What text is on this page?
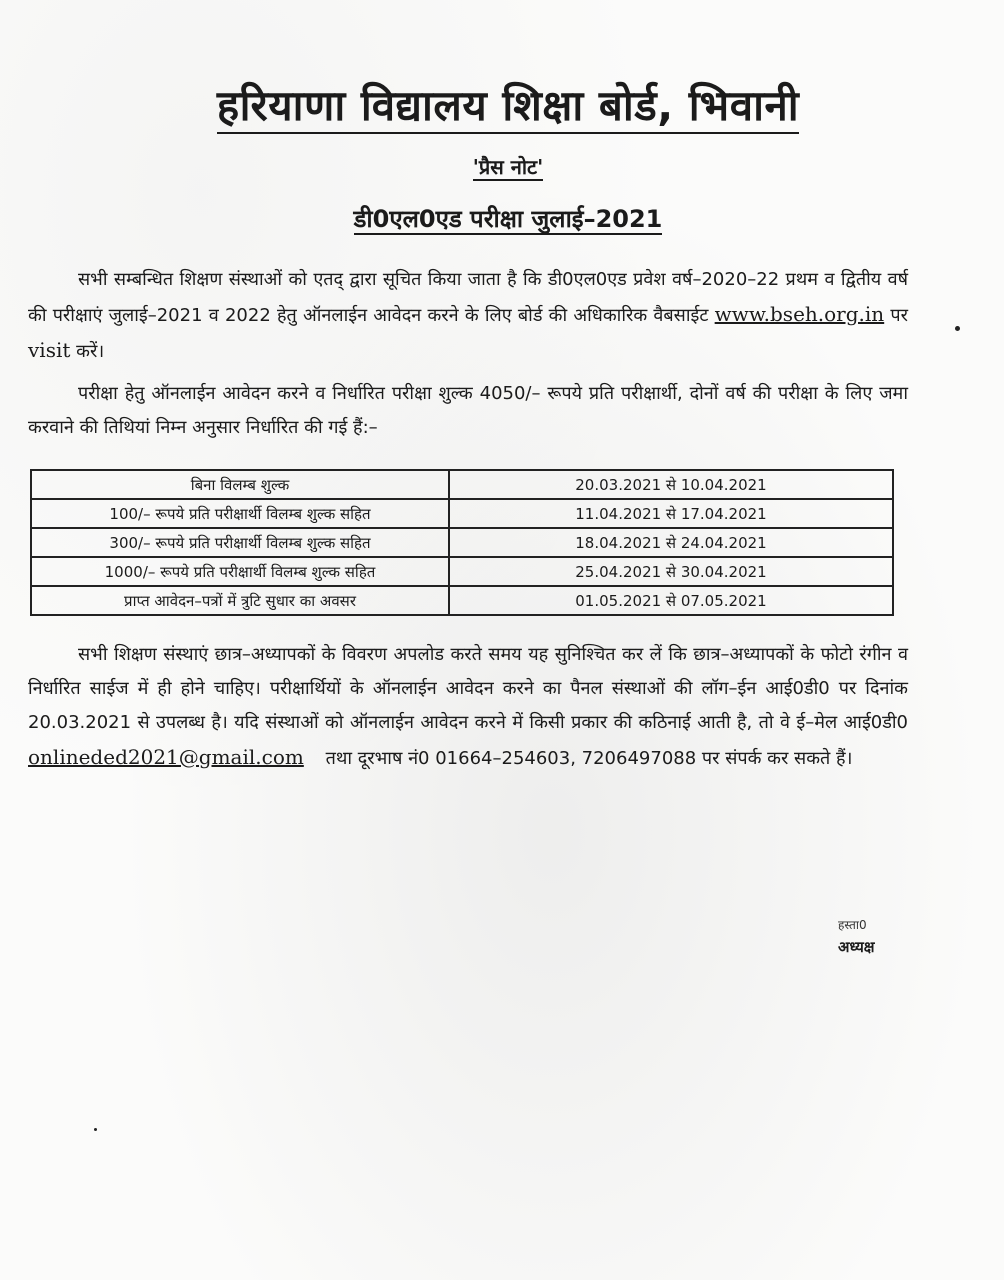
हरियाणा विद्यालय शिक्षा बोर्ड, भिवानी
'प्रैस नोट'
डी0एल0एड परीक्षा जुलाई–2021

सभी सम्बन्धित शिक्षण संस्थाओं को एतद् द्वारा सूचित किया जाता है कि डी0एल0एड प्रवेश वर्ष–2020–22 प्रथम व द्वितीय वर्ष की परीक्षाएं जुलाई–2021 व 2022 हेतु ऑनलाईन आवेदन करने के लिए बोर्ड की अधिकारिक वैबसाईट www.bseh.org.in पर visit करें।

परीक्षा हेतु ऑनलाईन आवेदन करने व निर्धारित परीक्षा शुल्क 4050/– रूपये प्रति परीक्षार्थी, दोनों वर्ष की परीक्षा के लिए जमा करवाने की तिथियां निम्न अनुसार निर्धारित की गई हैं:–

बिना विलम्ब शुल्क	20.03.2021 से 10.04.2021
100/– रूपये प्रति परीक्षार्थी विलम्ब शुल्क सहित	11.04.2021 से 17.04.2021
300/– रूपये प्रति परीक्षार्थी विलम्ब शुल्क सहित	18.04.2021 से 24.04.2021
1000/– रूपये प्रति परीक्षार्थी विलम्ब शुल्क सहित	25.04.2021 से 30.04.2021
प्राप्त आवेदन–पत्रों में त्रुटि सुधार का अवसर	01.05.2021 से 07.05.2021

सभी शिक्षण संस्थाएं छात्र–अध्यापकों के विवरण अपलोड करते समय यह सुनिश्चित कर लें कि छात्र–अध्यापकों के फोटो रंगीन व निर्धारित साईज में ही होने चाहिए। परीक्षार्थियों के ऑनलाईन आवेदन करने का पैनल संस्थाओं की लॉग–ईन आई0डी0 पर दिनांक 20.03.2021 से उपलब्ध है। यदि संस्थाओं को ऑनलाईन आवेदन करने में किसी प्रकार की कठिनाई आती है, तो वे ई–मेल आई0डी0 onlineded2021@gmail.com तथा दूरभाष नं0 01664–254603, 7206497088 पर संपर्क कर सकते हैं।

हस्ता0
अध्यक्ष
